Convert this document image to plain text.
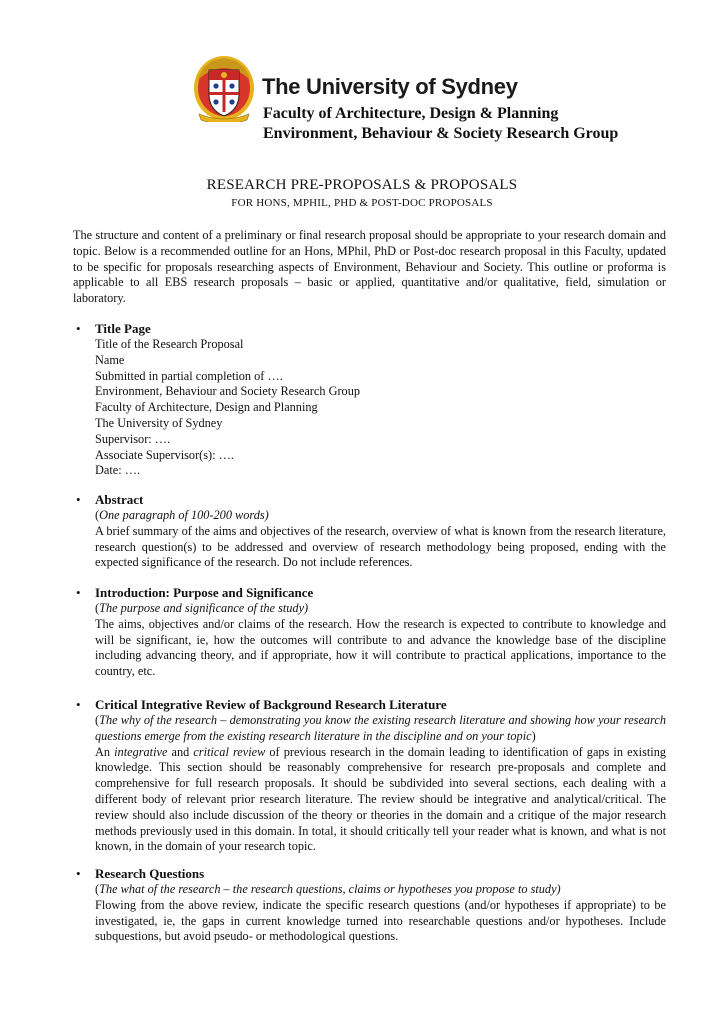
The University of Sydney
Faculty of Architecture, Design & Planning
Environment, Behaviour & Society Research Group
RESEARCH PRE-PROPOSALS & PROPOSALS
FOR HONS, MPHIL, PHD & POST-DOC PROPOSALS
The structure and content of a preliminary or final research proposal should be appropriate to your research domain and topic. Below is a recommended outline for an Hons, MPhil, PhD or Post-doc research proposal in this Faculty, updated to be specific for proposals researching aspects of Environment, Behaviour and Society. This outline or proforma is applicable to all EBS research proposals – basic or applied, quantitative and/or qualitative, field, simulation or laboratory.
• Title Page
Title of the Research Proposal
Name
Submitted in partial completion of ….
Environment, Behaviour and Society Research Group
Faculty of Architecture, Design and Planning
The University of Sydney
Supervisor: ….
Associate Supervisor(s): ….
Date: ….
• Abstract
(One paragraph of 100-200 words)
A brief summary of the aims and objectives of the research, overview of what is known from the research literature, research question(s) to be addressed and overview of research methodology being proposed, ending with the expected significance of the research. Do not include references.
• Introduction: Purpose and Significance
(The purpose and significance of the study)
The aims, objectives and/or claims of the research. How the research is expected to contribute to knowledge and will be significant, ie, how the outcomes will contribute to and advance the knowledge base of the discipline including advancing theory, and if appropriate, how it will contribute to practical applications, importance to the country, etc.
• Critical Integrative Review of Background Research Literature
(The why of the research – demonstrating you know the existing research literature and showing how your research questions emerge from the existing research literature in the discipline and on your topic)
An integrative and critical review of previous research in the domain leading to identification of gaps in existing knowledge. This section should be reasonably comprehensive for research pre-proposals and complete and comprehensive for full research proposals. It should be subdivided into several sections, each dealing with a different body of relevant prior research literature. The review should be integrative and analytical/critical. The review should also include discussion of the theory or theories in the domain and a critique of the major research methods previously used in this domain. In total, it should critically tell your reader what is known, and what is not known, in the domain of your research topic.
• Research Questions
(The what of the research – the research questions, claims or hypotheses you propose to study)
Flowing from the above review, indicate the specific research questions (and/or hypotheses if appropriate) to be investigated, ie, the gaps in current knowledge turned into researchable questions and/or hypotheses. Include subquestions, but avoid pseudo- or methodological questions.
